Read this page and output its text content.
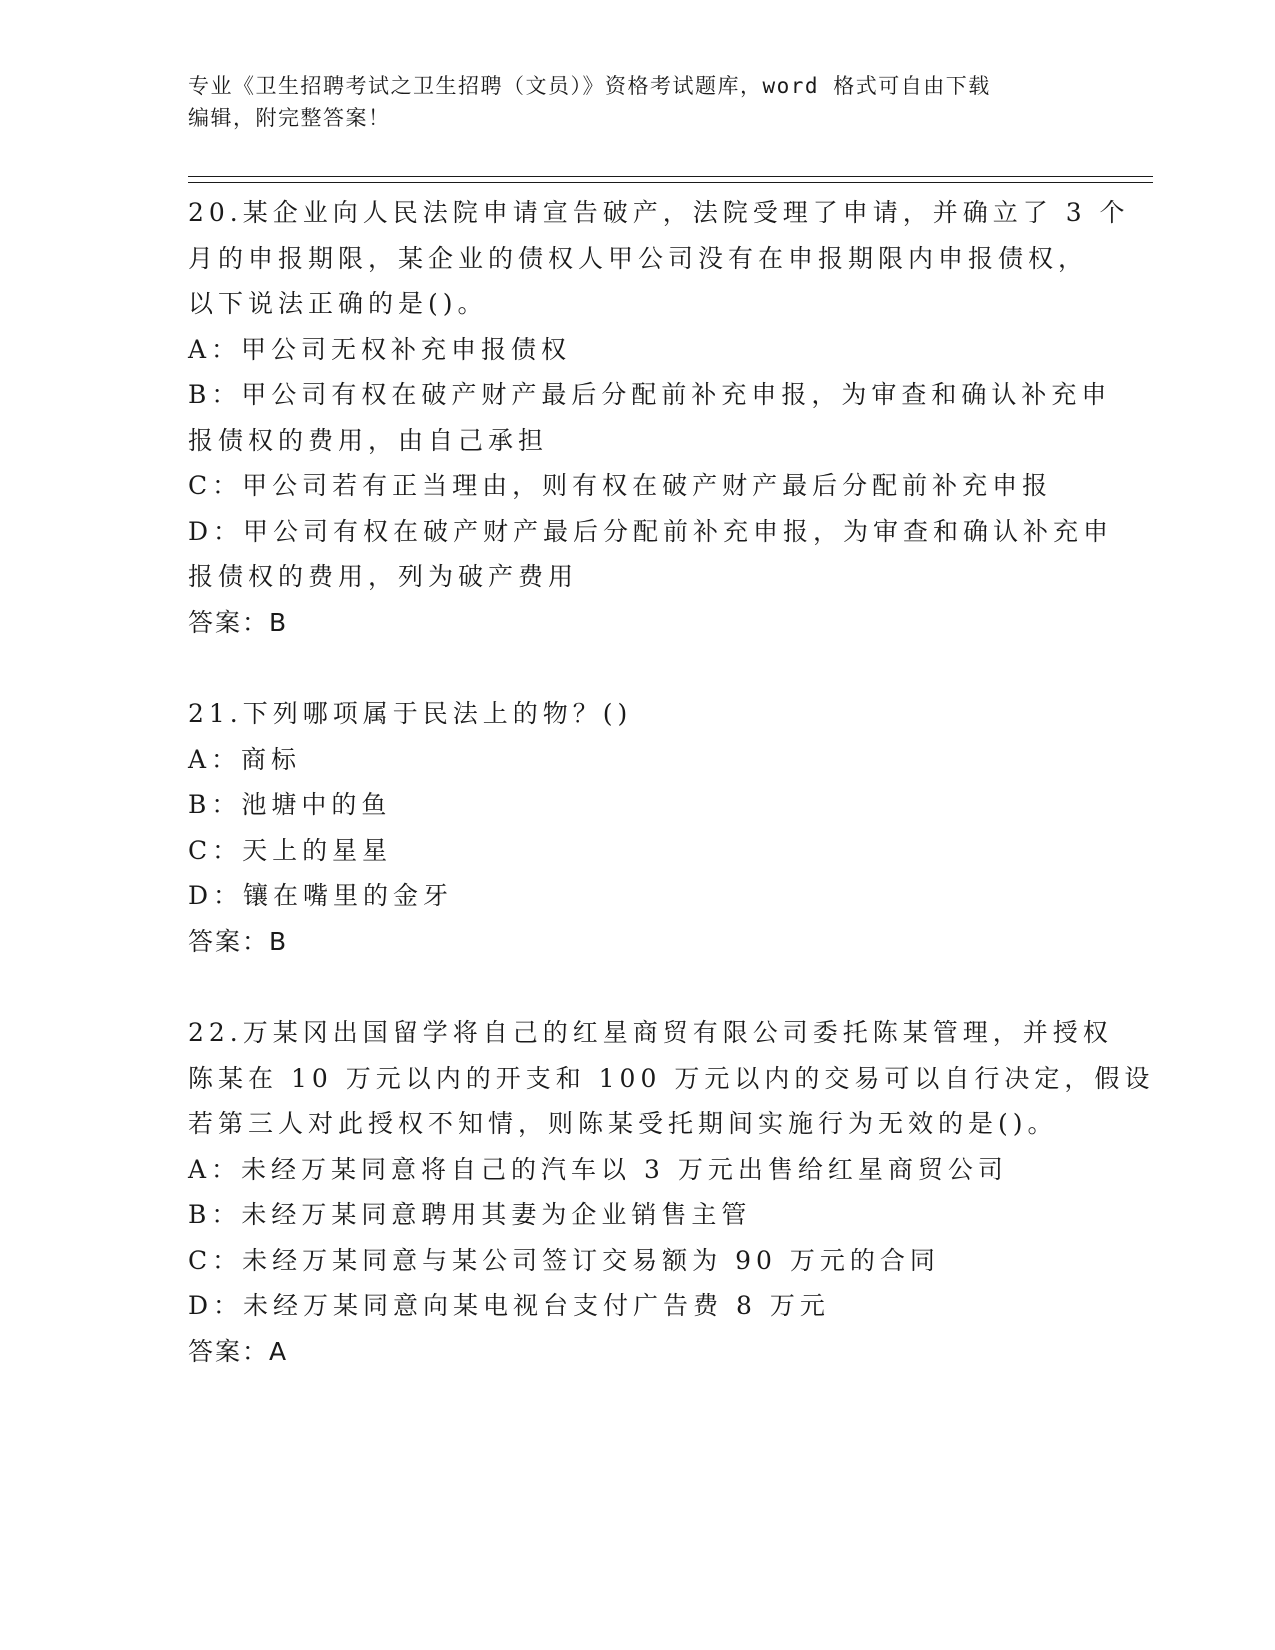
专业《卫生招聘考试之卫生招聘（文员）》资格考试题库，word 格式可自由下载
编辑，附完整答案！
20.某企业向人民法院申请宣告破产，法院受理了申请，并确立了 3 个
月的申报期限，某企业的债权人甲公司没有在申报期限内申报债权，
以下说法正确的是()。
A：甲公司无权补充申报债权
B：甲公司有权在破产财产最后分配前补充申报，为审查和确认补充申
报债权的费用，由自己承担
C：甲公司若有正当理由，则有权在破产财产最后分配前补充申报
D：甲公司有权在破产财产最后分配前补充申报，为审查和确认补充申
报债权的费用，列为破产费用
答案：B
21.下列哪项属于民法上的物？()
A：商标
B：池塘中的鱼
C：天上的星星
D：镶在嘴里的金牙
答案：B
22.万某冈出国留学将自己的红星商贸有限公司委托陈某管理，并授权
陈某在 10 万元以内的开支和 100 万元以内的交易可以自行决定，假设
若第三人对此授权不知情，则陈某受托期间实施行为无效的是()。
A：未经万某同意将自己的汽车以 3 万元出售给红星商贸公司
B：未经万某同意聘用其妻为企业销售主管
C：未经万某同意与某公司签订交易额为 90 万元的合同
D：未经万某同意向某电视台支付广告费 8 万元
答案：A
